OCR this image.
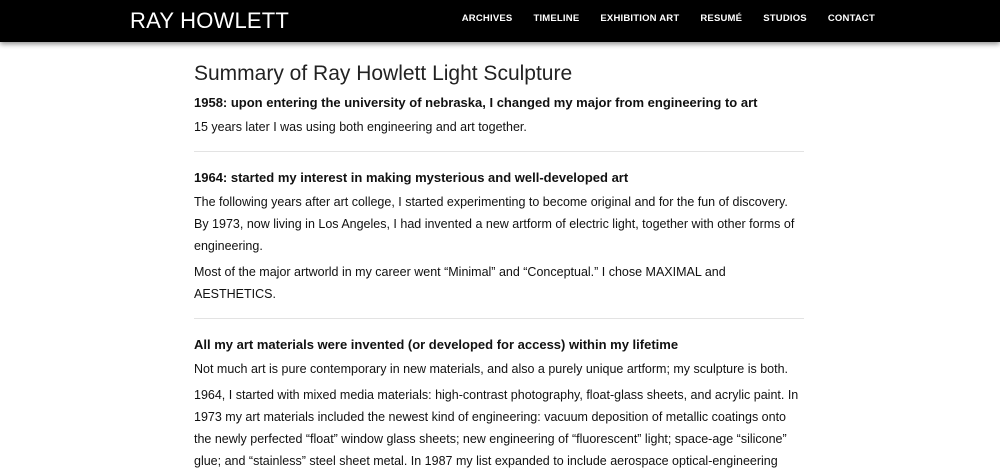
RAY HOWLETT	ARCHIVES TIMELINE EXHIBITION ART RESUMÉ STUDIOS CONTACT
Summary of Ray Howlett Light Sculpture
1958: upon entering the university of nebraska, I changed my major from engineering to art

15 years later I was using both engineering and art together.

1964: started my interest in making mysterious and well-developed art

The following years after art college, I started experimenting to become original and for the fun of discovery. By 1973, now living in Los Angeles, I had invented a new artform of electric light, together with other forms of engineering.

Most of the major artworld in my career went “Minimal” and “Conceptual.” I chose MAXIMAL and AESTHETICS.

All my art materials were invented (or developed for access) within my lifetime

Not much art is pure contemporary in new materials, and also a purely unique artform; my sculpture is both.

1964, I started with mixed media materials: high-contrast photography, float-glass sheets, and acrylic paint. In 1973 my art materials included the newest kind of engineering: vacuum deposition of metallic coatings onto the newly perfected “float” window glass sheets; new engineering of “fluorescent” light; space-age “silicone” glue; and “stainless” steel sheet metal. In 1987 my list expanded to include aerospace optical-engineering
